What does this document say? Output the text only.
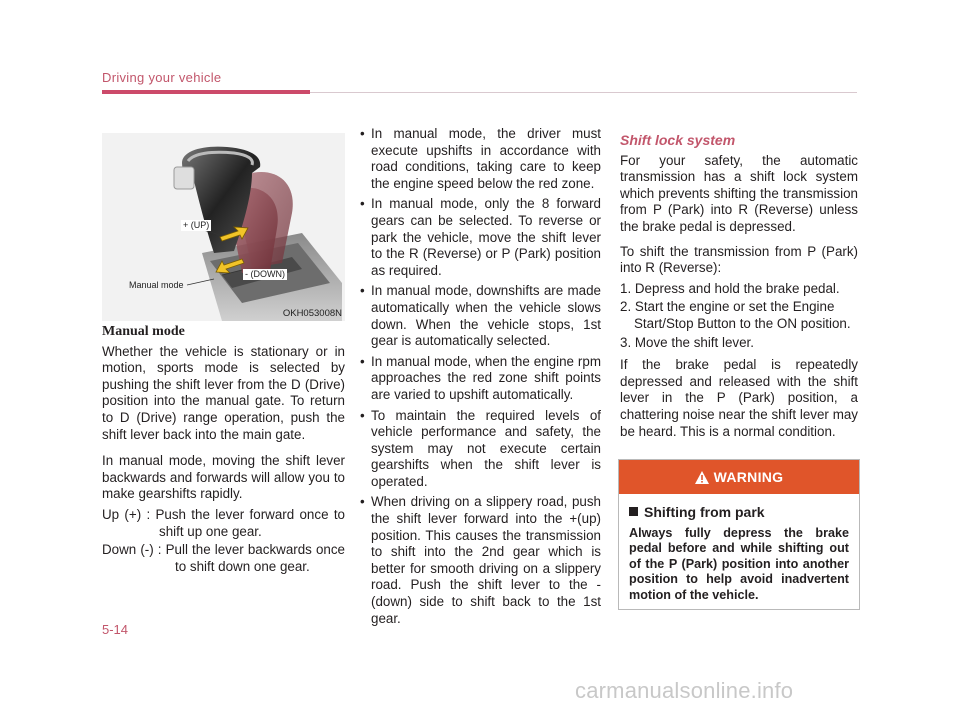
Driving your vehicle
+ (UP)
- (DOWN)
Manual mode
OKH053008N
Manual mode

Whether the vehicle is stationary or in motion, sports mode is selected by pushing the shift lever from the D (Drive) position into the manual gate. To return to D (Drive) range operation, push the shift lever back into the main gate.

In manual mode, moving the shift lever backwards and forwards will allow you to make gearshifts rapidly.

Up (+) : Push the lever forward once to shift up one gear.

Down (-) : Pull the lever backwards once to shift down one gear.

• In manual mode, the driver must execute upshifts in accordance with road conditions, taking care to keep the engine speed below the red zone.
• In manual mode, only the 8 forward gears can be selected. To reverse or park the vehicle, move the shift lever to the R (Reverse) or P (Park) position as required.
• In manual mode, downshifts are made automatically when the vehicle slows down. When the vehicle stops, 1st gear is automatically selected.
• In manual mode, when the engine rpm approaches the red zone shift points are varied to upshift automatically.
• To maintain the required levels of vehicle performance and safety, the system may not execute certain gearshifts when the shift lever is operated.
• When driving on a slippery road, push the shift lever forward into the +(up) position. This causes the transmission to shift into the 2nd gear which is better for smooth driving on a slippery road. Push the shift lever to the -(down) side to shift back to the 1st gear.
Shift lock system

For your safety, the automatic transmission has a shift lock system which prevents shifting the transmission from P (Park) into R (Reverse) unless the brake pedal is depressed.

To shift the transmission from P (Park) into R (Reverse):

1. Depress and hold the brake pedal.
2. Start the engine or set the Engine Start/Stop Button to the ON position.
3. Move the shift lever.

If the brake pedal is repeatedly depressed and released with the shift lever in the P (Park) position, a chattering noise near the shift lever may be heard. This is a normal condition.

WARNING
Shifting from park
Always fully depress the brake pedal before and while shifting out of the P (Park) position into another position to help avoid inadvertent motion of the vehicle.
5-14
carmanualsonline.info
